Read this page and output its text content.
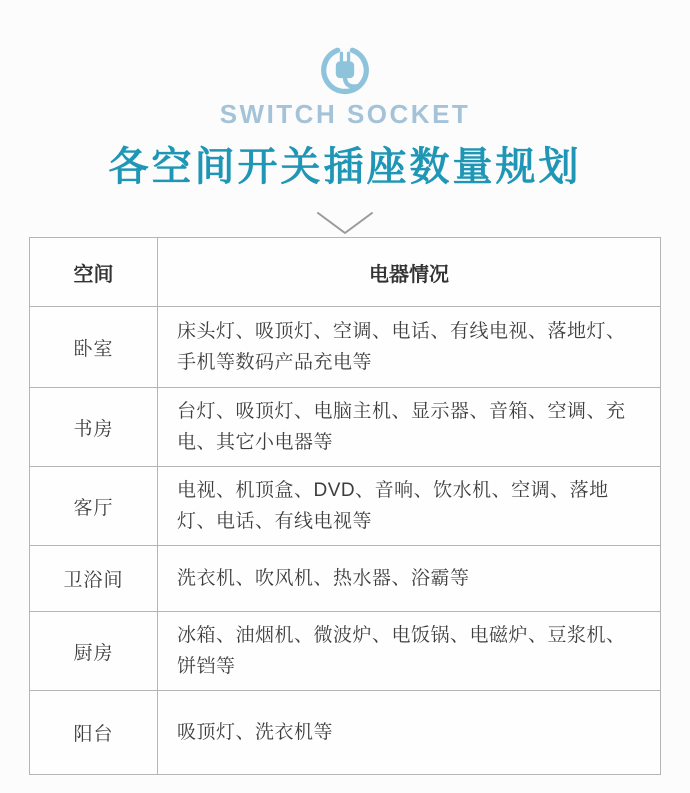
SWITCH SOCKET
各空间开关插座数量规划
空间	电器情况
卧室	床头灯、吸顶灯、空调、电话、有线电视、落地灯、手机等数码产品充电等
书房	台灯、吸顶灯、电脑主机、显示器、音箱、空调、充电、其它小电器等
客厅	电视、机顶盒、DVD、音响、饮水机、空调、落地灯、电话、有线电视等
卫浴间	洗衣机、吹风机、热水器、浴霸等
厨房	冰箱、油烟机、微波炉、电饭锅、电磁炉、豆浆机、饼铛等
阳台	吸顶灯、洗衣机等
